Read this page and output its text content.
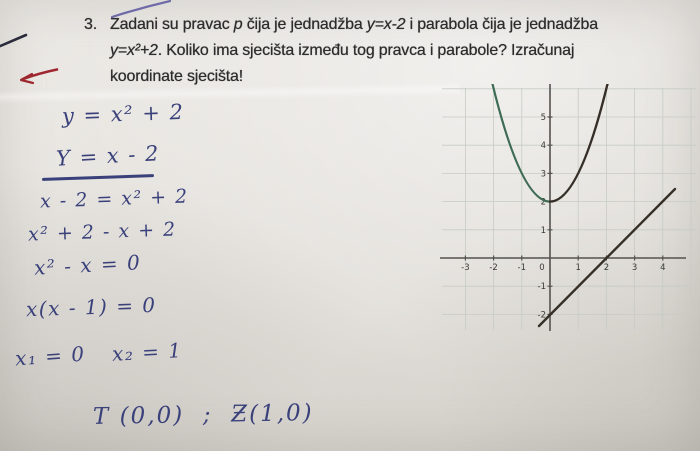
3. Zadani su pravac p čija je jednadžba y=x-2 i parabola čija je jednadžba
y=x²+2. Koliko ima sjecišta između tog pravca i parabole? Izračunaj
koordinate sjecišta!
y = x² + 2
Y = x - 2
x - 2 = x² + 2
x² + 2 - x + 2
x² - x = 0
x(x - 1) = 0
x₁ = 0 x₂ = 1
T (0,0)  ;  Ƶ(1,0)
-3 -2 -1 0	1	2	3	4
5
4
3
2
1
-1
-2
